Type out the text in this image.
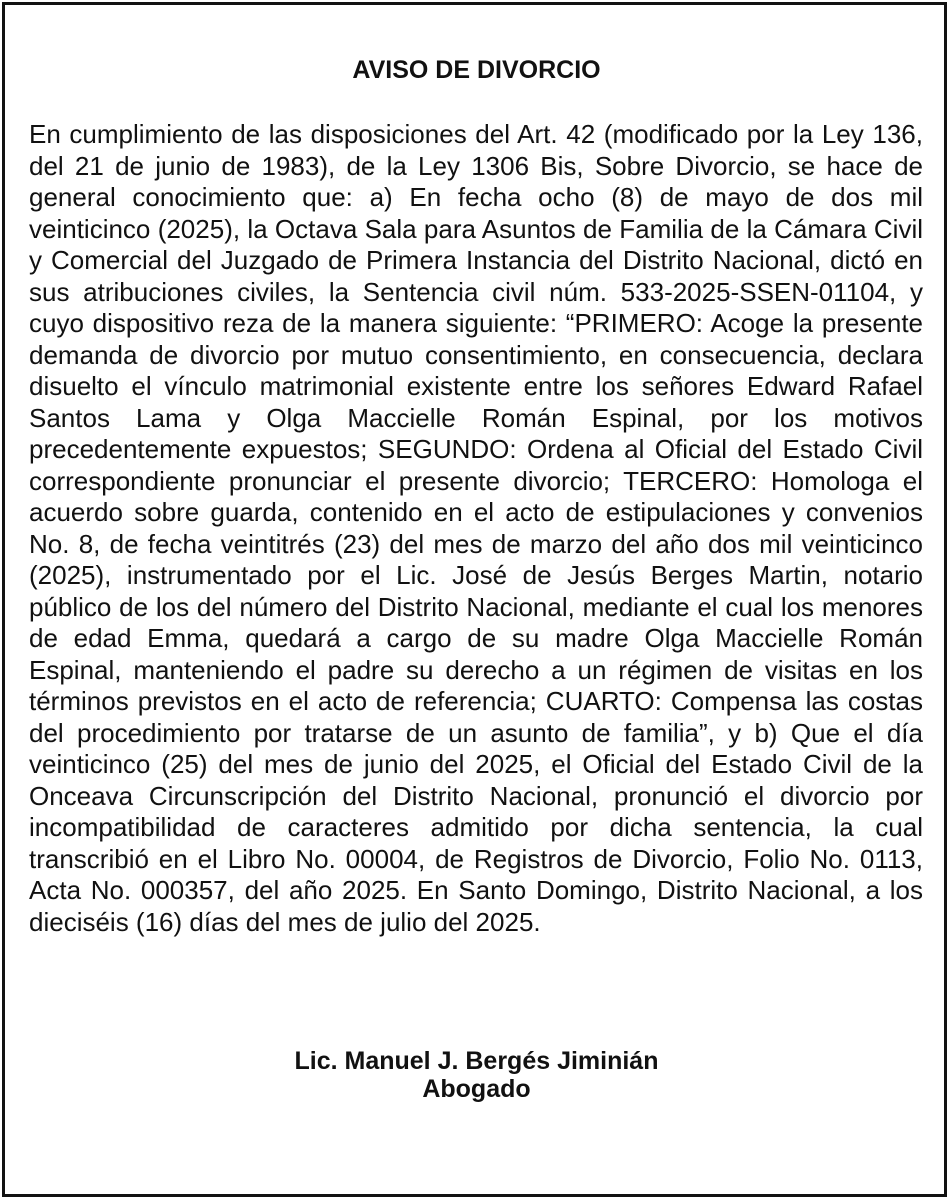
AVISO DE DIVORCIO

En cumplimiento de las disposiciones del Art. 42 (modificado por la Ley 136, del 21 de junio de 1983), de la Ley 1306 Bis, Sobre Divorcio, se hace de general conocimiento que: a) En fecha ocho (8) de mayo de dos mil veinticinco (2025), la Octava Sala para Asuntos de Familia de la Cámara Civil y Comercial del Juzgado de Primera Instancia del Distrito Nacional, dictó en sus atribuciones civiles, la Sentencia civil núm. 533-2025-SSEN-01104, y cuyo dispositivo reza de la manera siguiente: “PRIMERO: Acoge la presente demanda de divorcio por mutuo consentimiento, en consecuencia, declara disuelto el vínculo matrimonial existente entre los señores Edward Rafael Santos Lama y Olga Maccielle Román Espinal, por los motivos precedentemente expuestos; SEGUNDO: Ordena al Oficial del Estado Civil correspondiente pronunciar el presente divorcio; TERCERO: Homologa el acuerdo sobre guarda, contenido en el acto de estipulaciones y convenios No. 8, de fecha veintitrés (23) del mes de marzo del año dos mil veinticinco (2025), instrumentado por el Lic. José de Jesús Berges Martin, notario público de los del número del Distrito Nacional, mediante el cual los menores de edad Emma, quedará a cargo de su madre Olga Maccielle Román Espinal, manteniendo el padre su derecho a un régimen de visitas en los términos previstos en el acto de referencia; CUARTO: Compensa las costas del procedimiento por tratarse de un asunto de familia”, y b) Que el día veinticinco (25) del mes de junio del 2025, el Oficial del Estado Civil de la Onceava Circunscripción del Distrito Nacional, pronunció el divorcio por incompatibilidad de caracteres admitido por dicha sentencia, la cual transcribió en el Libro No. 00004, de Registros de Divorcio, Folio No. 0113, Acta No. 000357, del año 2025. En Santo Domingo, Distrito Nacional, a los dieciséis (16) días del mes de julio del 2025.

Lic. Manuel J. Bergés Jiminián
Abogado
